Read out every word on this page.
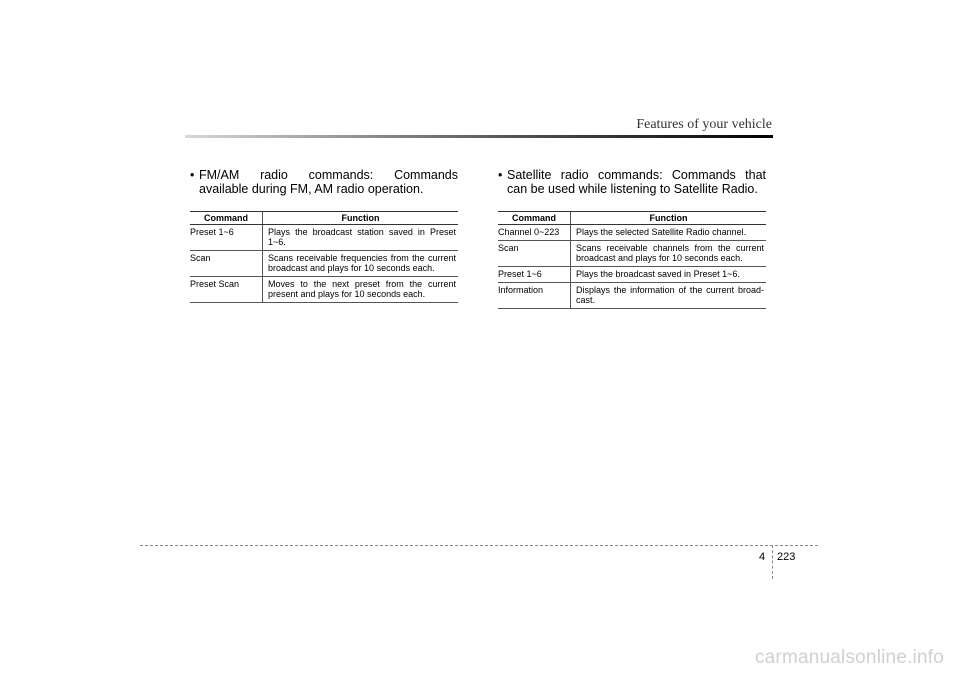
Features of your vehicle
• FM/AM radio commands: Commands available during FM, AM radio operation.
Command	Function
Preset 1~6	Plays the broadcast station saved in Preset 1~6.
Scan	Scans receivable frequencies from the current broadcast and plays for 10 seconds each.
Preset Scan	Moves to the next preset from the current present and plays for 10 seconds each.
• Satellite radio commands: Commands that can be used while listening to Satellite Radio.
Command	Function
Channel 0~223	Plays the selected Satellite Radio channel.
Scan	Scans receivable channels from the current broadcast and plays for 10 seconds each.
Preset 1~6	Plays the broadcast saved in Preset 1~6.
Information	Displays the information of the current broad-cast.
4 223
carmanualsonline.info
